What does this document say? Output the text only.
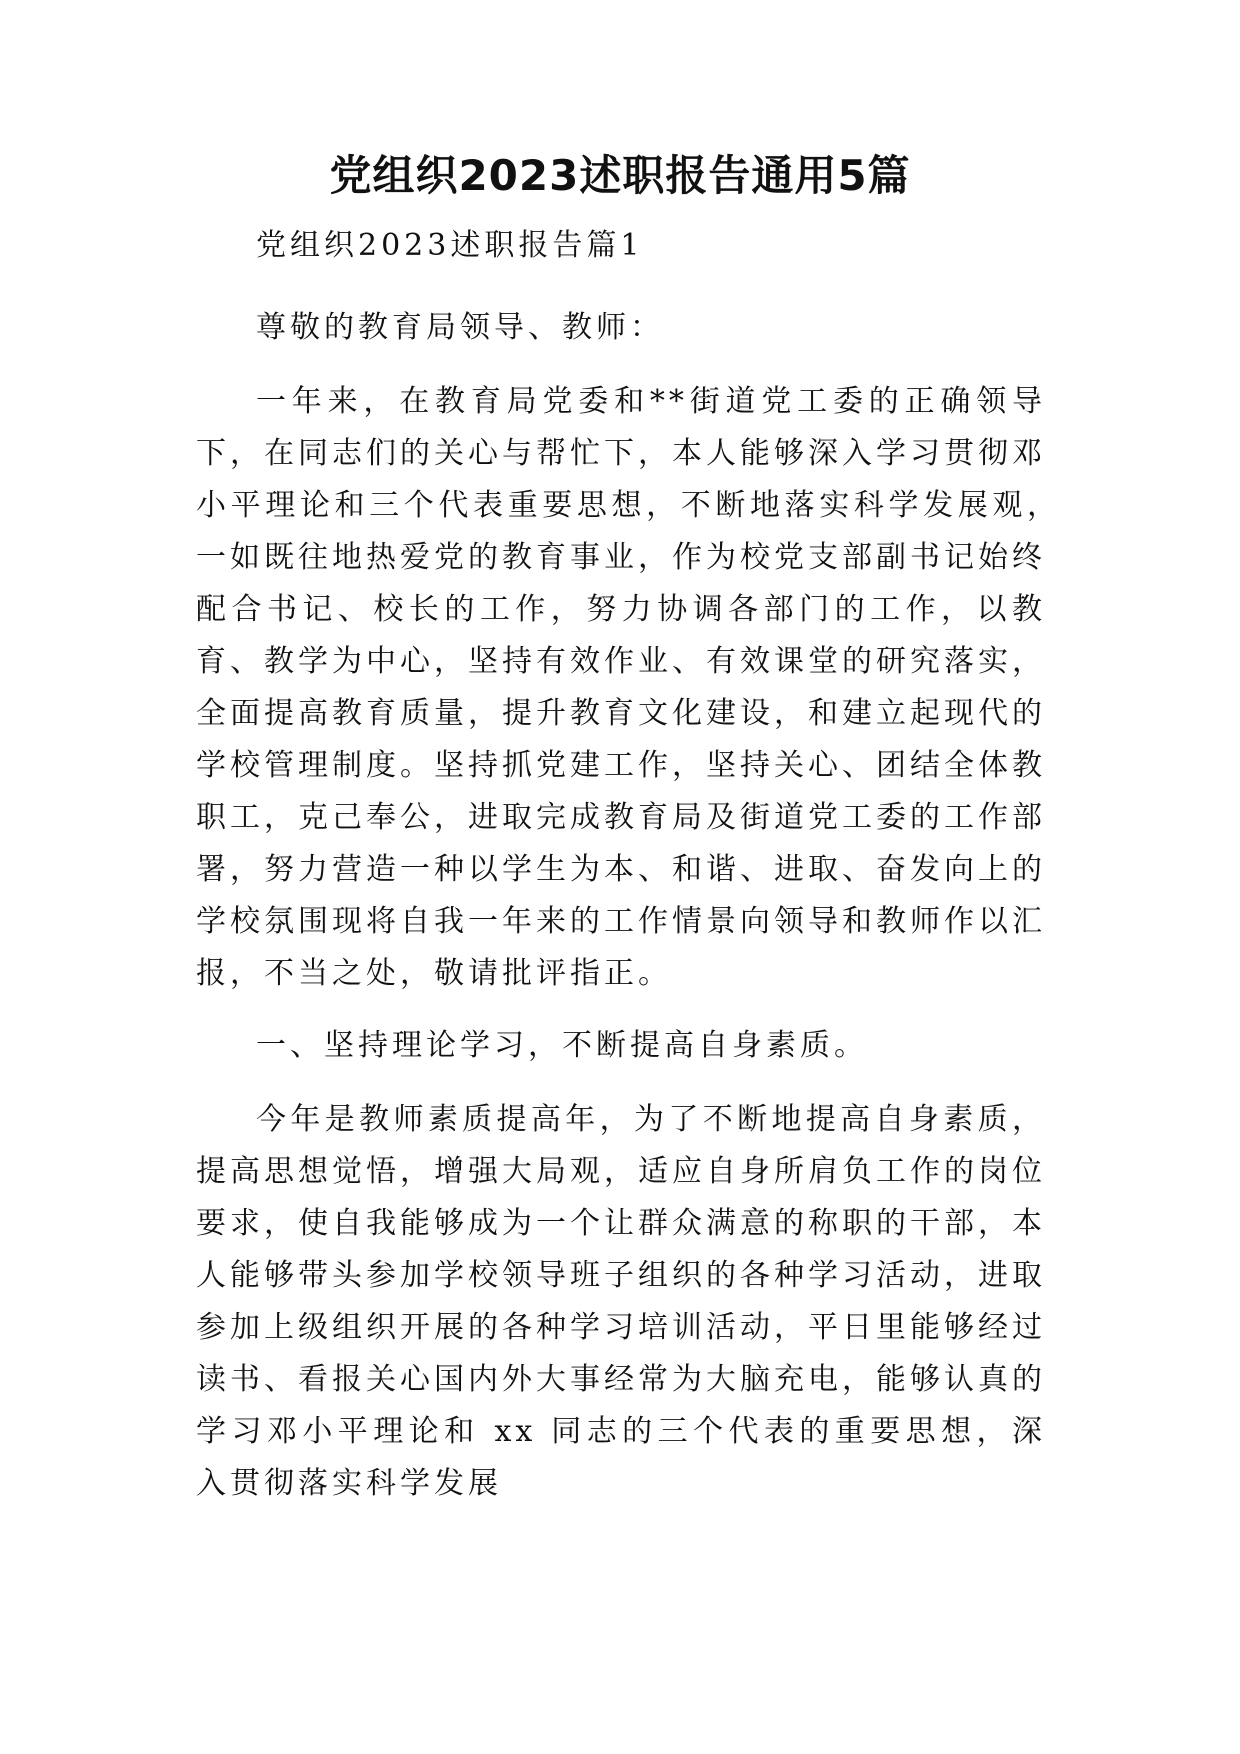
党组织2023述职报告通用5篇

党组织2023述职报告篇1

尊敬的教育局领导、教师：

一年来，在教育局党委和**街道党工委的正确领导下，在同志们的关心与帮忙下，本人能够深入学习贯彻邓小平理论和三个代表重要思想，不断地落实科学发展观，　一如既往地热爱党的教育事业，作为校党支部副书记始终配合书记、校长的工作，努力协调各部门的工作，以教育、教学为中心，坚持有效作业、有效课堂的研究落实，全面提高教育质量，提升教育文化建设，和建立起现代的学校管理制度。坚持抓党建工作，坚持关心、团结全体教职工，克己奉公，进取完成教育局及街道党工委的工作部署，努力营造一种以学生为本、和谐、进取、奋发向上的学校氛围现将自我一年来的工作情景向领导和教师作以汇报，不当之处，敬请批评指正。

一、坚持理论学习，不断提高自身素质。

今年是教师素质提高年，为了不断地提高自身素质，提高思想觉悟，增强大局观，适应自身所肩负工作的岗位要求，使自我能够成为一个让群众满意的称职的干部，本人能够带头参加学校领导班子组织的各种学习活动，进取参加上级组织开展的各种学习培训活动，平日里能够经过读书、看报关心国内外大事经常为大脑充电，能够认真的学习邓小平理论和 xx 同志的三个代表的重要思想，深入贯彻落实科学发展
